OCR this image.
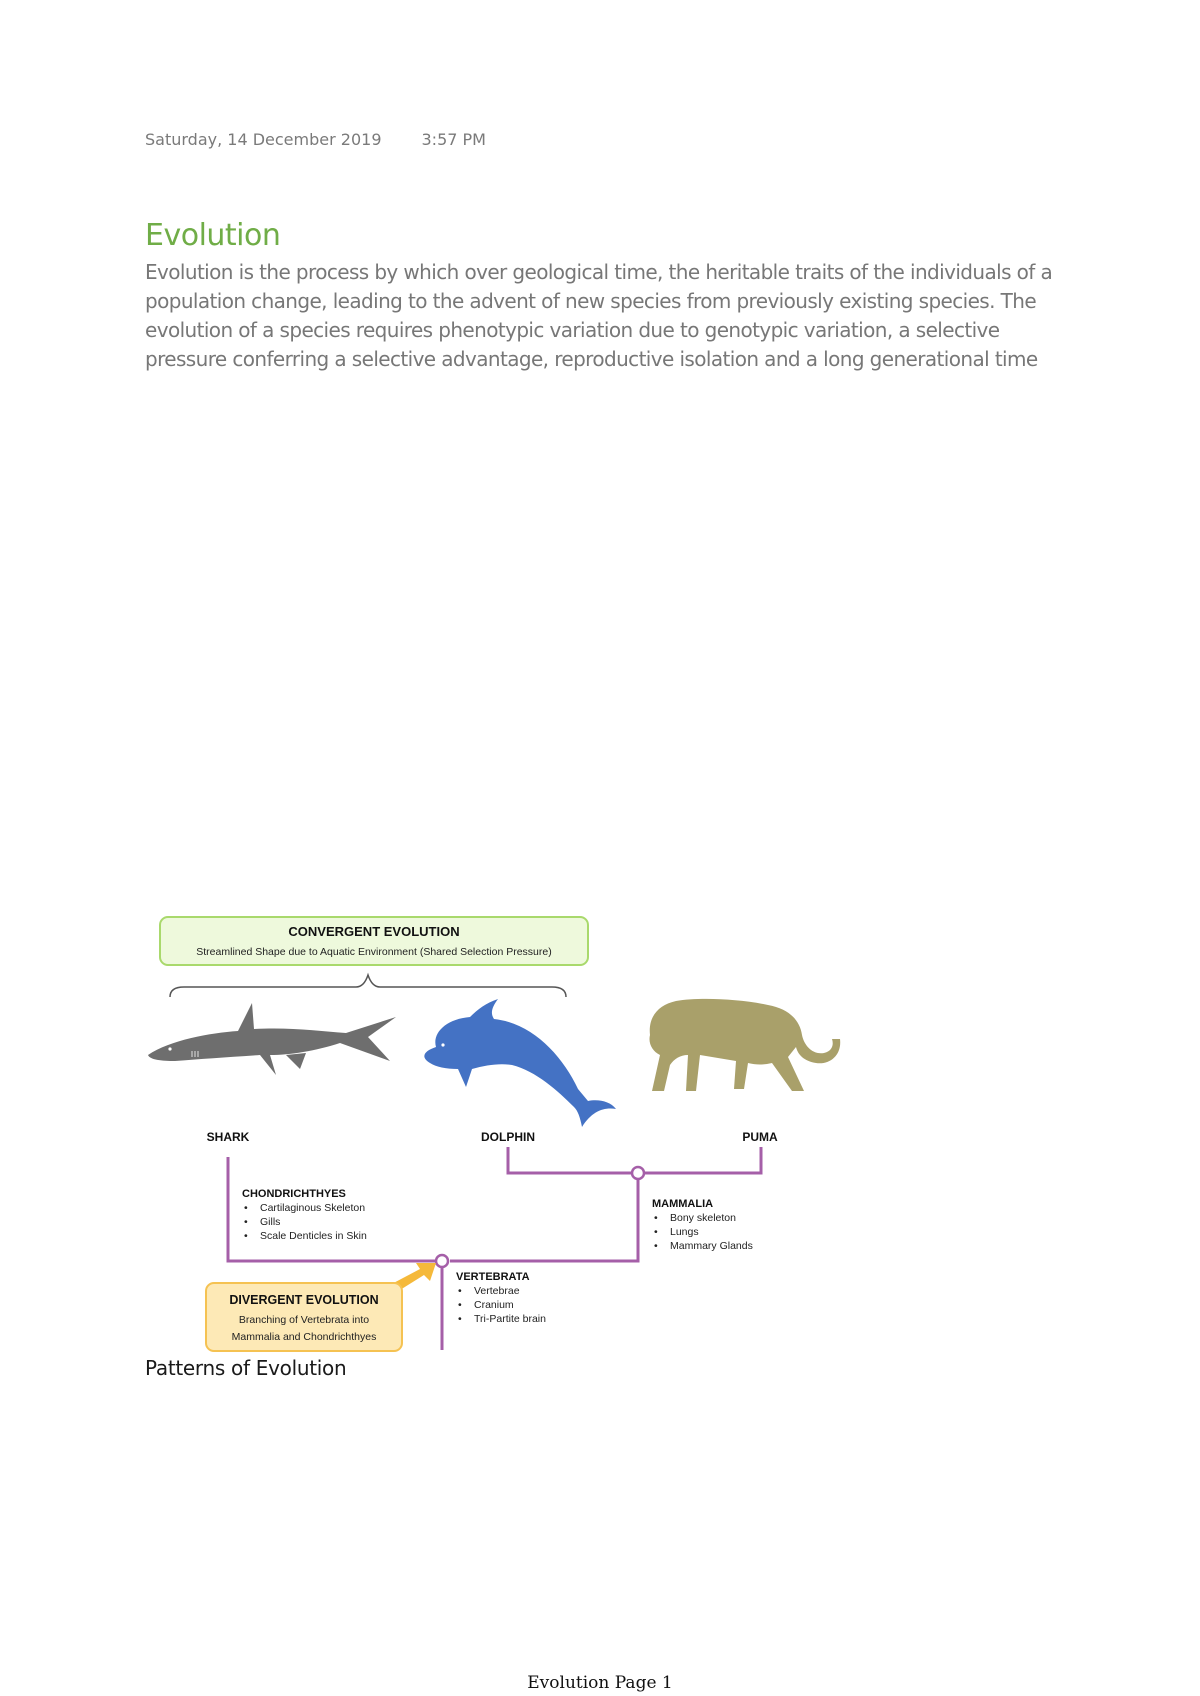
Saturday, 14 December 2019	3:57 PM
Evolution

Evolution is the process by which over geological time, the heritable traits of the individuals of a population change, leading to the advent of new species from previously existing species. The evolution of a species requires phenotypic variation due to genotypic variation, a selective pressure conferring a selective advantage, reproductive isolation and a long generational time

CONVERGENT EVOLUTION
Streamlined Shape due to Aquatic Environment (Shared Selection Pressure)
SHARK	DOLPHIN	PUMA
CHONDRICHTHYES
• Cartilaginous Skeleton
• Gills
• Scale Denticles in Skin
MAMMALIA
• Bony skeleton
• Lungs
• Mammary Glands
VERTEBRATA
• Vertebrae
• Cranium
• Tri-Partite brain
DIVERGENT EVOLUTION
Branching of Vertebrata into
Mammalia and Chondrichthyes
Patterns of Evolution
Evolution Page 1
